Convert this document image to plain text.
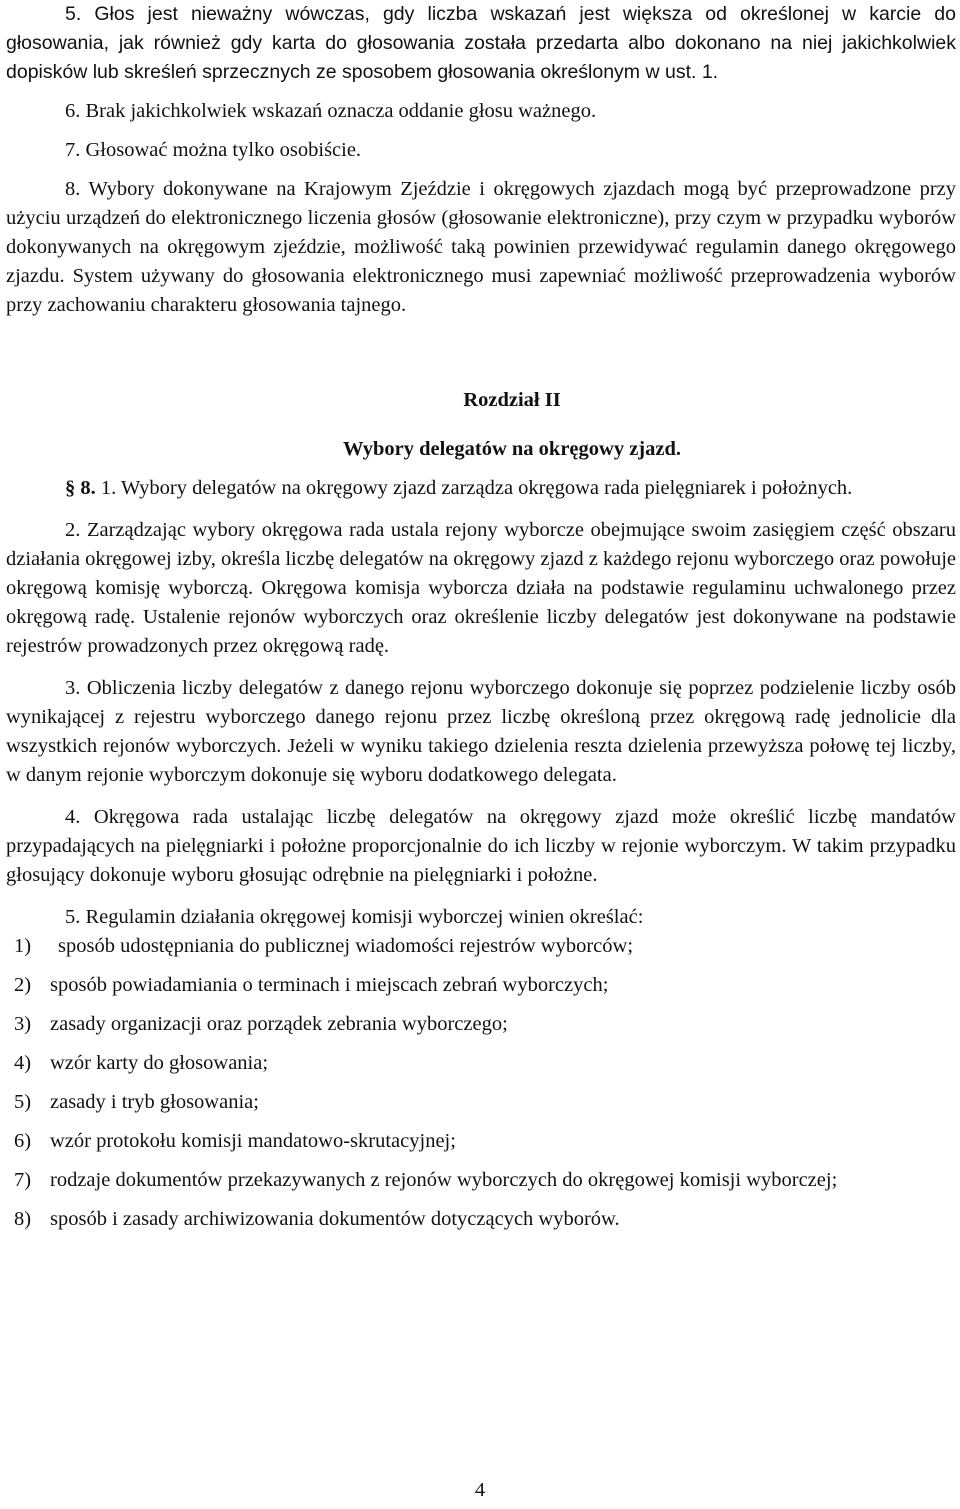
5. Głos jest nieważny wówczas, gdy liczba wskazań jest większa od określonej w karcie do głosowania, jak również gdy karta do głosowania została przedarta albo dokonano na niej jakichkolwiek dopisków lub skreśleń sprzecznych ze sposobem głosowania określonym w ust. 1.

6. Brak jakichkolwiek wskazań oznacza oddanie głosu ważnego.

7. Głosować można tylko osobiście.

8. Wybory dokonywane na Krajowym Zjeździe i okręgowych zjazdach mogą być przeprowadzone przy użyciu urządzeń do elektronicznego liczenia głosów (głosowanie elektroniczne), przy czym w przypadku wyborów dokonywanych na okręgowym zjeździe, możliwość taką powinien przewidywać regulamin danego okręgowego zjazdu. System używany do głosowania elektronicznego musi zapewniać możliwość przeprowadzenia wyborów przy zachowaniu charakteru głosowania tajnego.

Rozdział II

Wybory delegatów na okręgowy zjazd.

§ 8. 1. Wybory delegatów na okręgowy zjazd zarządza okręgowa rada pielęgniarek i położnych.

2. Zarządzając wybory okręgowa rada ustala rejony wyborcze obejmujące swoim zasięgiem część obszaru działania okręgowej izby, określa liczbę delegatów na okręgowy zjazd z każdego rejonu wyborczego oraz powołuje okręgową komisję wyborczą. Okręgowa komisja wyborcza działa na podstawie regulaminu uchwalonego przez okręgową radę. Ustalenie rejonów wyborczych oraz określenie liczby delegatów jest dokonywane na podstawie rejestrów prowadzonych przez okręgową radę.

3. Obliczenia liczby delegatów z danego rejonu wyborczego dokonuje się poprzez podzielenie liczby osób wynikającej z rejestru wyborczego danego rejonu przez liczbę określoną przez okręgową radę jednolicie dla wszystkich rejonów wyborczych. Jeżeli w wyniku takiego dzielenia reszta dzielenia przewyższa połowę tej liczby, w danym rejonie wyborczym dokonuje się wyboru dodatkowego delegata.

4. Okręgowa rada ustalając liczbę delegatów na okręgowy zjazd może określić liczbę mandatów przypadających na pielęgniarki i położne proporcjonalnie do ich liczby w rejonie wyborczym. W takim przypadku głosujący dokonuje wyboru głosując odrębnie na pielęgniarki i położne.

5. Regulamin działania okręgowej komisji wyborczej winien określać:

1)	sposób udostępniania do publicznej wiadomości rejestrów wyborców;
2) sposób powiadamiania o terminach i miejscach zebrań wyborczych;
3) zasady organizacji oraz porządek zebrania wyborczego;
4) wzór karty do głosowania;
5) zasady i tryb głosowania;
6) wzór protokołu komisji mandatowo-skrutacyjnej;
7) rodzaje dokumentów przekazywanych z rejonów wyborczych do okręgowej komisji wyborczej;
8) sposób i zasady archiwizowania dokumentów dotyczących wyborów.
4
